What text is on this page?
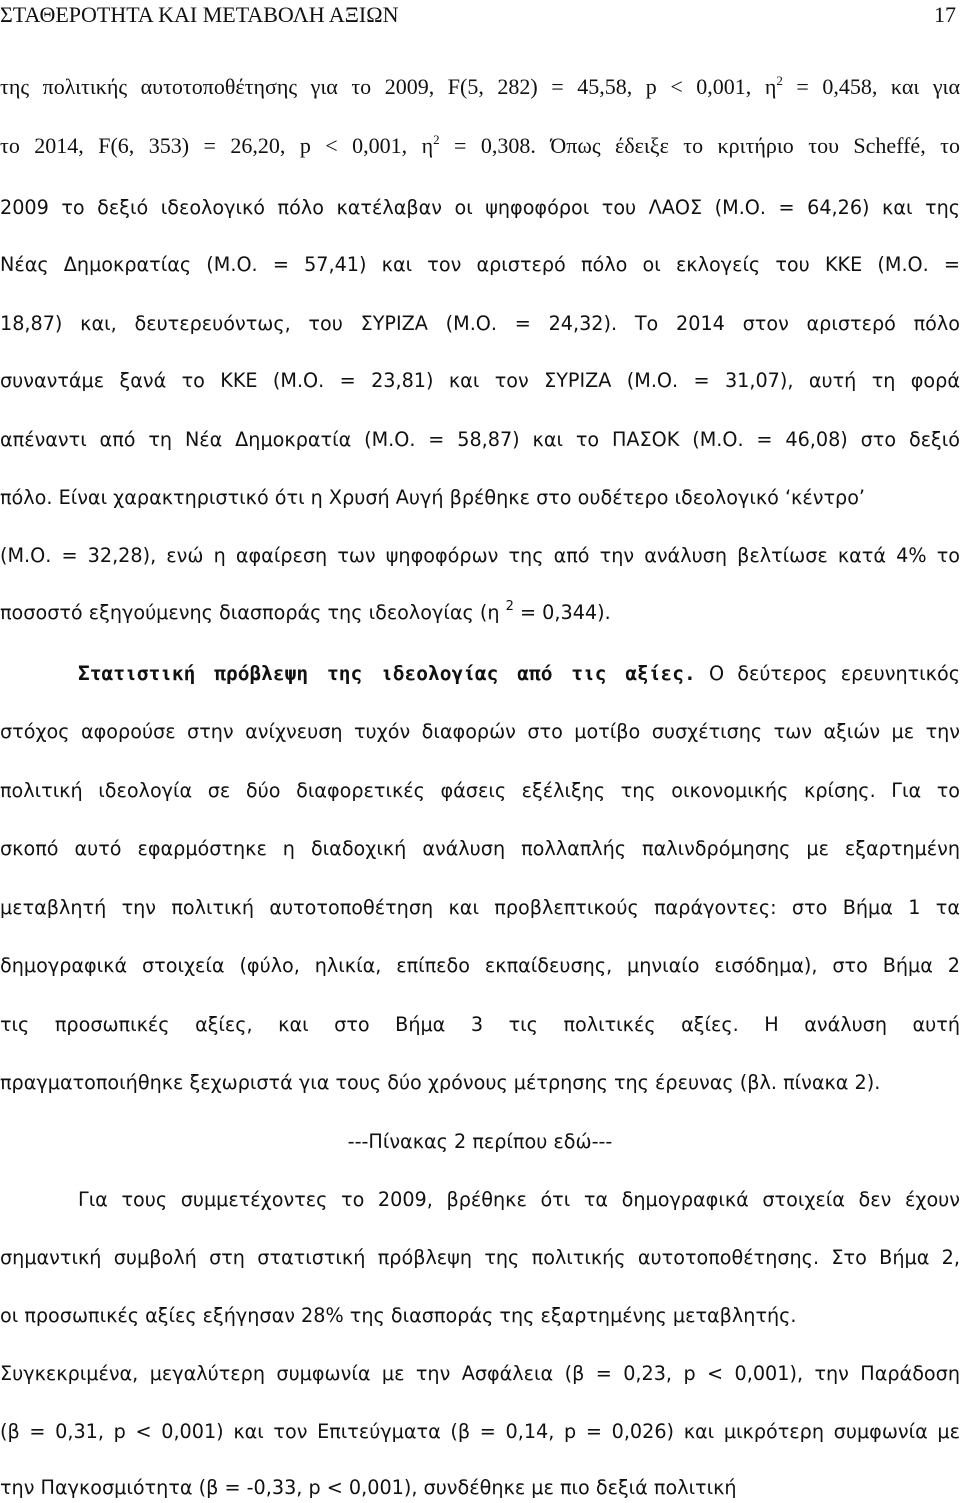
ΣΤΑΘΕΡΟΤΗΤΑ ΚΑΙ ΜΕΤΑΒΟΛΗ ΑΞΙΩΝ	17
της πολιτικής αυτοτοποθέτησης για το 2009, F(5, 282) = 45,58, p < 0,001, $\eta^2 = 0,458$, και για
το 2014, F(6, 353) = 26,20, p < 0,001, $\eta^2 = 0,308$. Όπως έδειξε το κριτήριο του Scheffé, το
2009 το δεξιό ιδεολογικό πόλο κατέλαβαν οι ψηφοφόροι του ΛΑΟΣ (Μ.Ο. = 64,26) και της
Νέας Δημοκρατίας (Μ.Ο. = 57,41) και τον αριστερό πόλο οι εκλογείς του ΚΚΕ (Μ.Ο. =
18,87) και, δευτερευόντως, του ΣΥΡΙΖΑ (Μ.Ο. = 24,32). Το 2014 στον αριστερό πόλο
συναντάμε ξανά το ΚΚΕ (Μ.Ο. = 23,81) και τον ΣΥΡΙΖΑ (Μ.Ο. = 31,07), αυτή τη φορά
απέναντι από τη Νέα Δημοκρατία (Μ.Ο. = 58,87) και το ΠΑΣΟΚ (Μ.Ο. = 46,08) στο δεξιό
πόλο. Είναι χαρακτηριστικό ότι η Χρυσή Αυγή βρέθηκε στο ουδέτερο ιδεολογικό ‘κέντρο’
(Μ.Ο. = 32,28), ενώ η αφαίρεση των ψηφοφόρων της από την ανάλυση βελτίωσε κατά 4% το
ποσοστό εξηγούμενης διασποράς της ιδεολογίας (η $^2$ = 0,344).
Στατιστική πρόβλεψη της ιδεολογίας από τις αξίες. Ο δεύτερος ερευνητικός
στόχος αφορούσε στην ανίχνευση τυχόν διαφορών στο μοτίβο συσχέτισης των αξιών με την
πολιτική ιδεολογία σε δύο διαφορετικές φάσεις εξέλιξης της οικονομικής κρίσης. Για το
σκοπό αυτό εφαρμόστηκε η διαδοχική ανάλυση πολλαπλής παλινδρόμησης με εξαρτημένη
μεταβλητή την πολιτική αυτοτοποθέτηση και προβλεπτικούς παράγοντες: στο Βήμα 1 τα
δημογραφικά στοιχεία (φύλο, ηλικία, επίπεδο εκπαίδευσης, μηνιαίο εισόδημα), στο Βήμα 2
τις προσωπικές αξίες, και στο Βήμα 3 τις πολιτικές αξίες. Η ανάλυση αυτή
πραγματοποιήθηκε ξεχωριστά για τους δύο χρόνους μέτρησης της έρευνας (βλ. πίνακα 2).
---Πίνακας 2 περίπου εδώ---
Για τους συμμετέχοντες το 2009, βρέθηκε ότι τα δημογραφικά στοιχεία δεν έχουν
σημαντική συμβολή στη στατιστική πρόβλεψη της πολιτικής αυτοτοποθέτησης. Στο Βήμα 2,
οι προσωπικές αξίες εξήγησαν 28% της διασποράς της εξαρτημένης μεταβλητής.
Συγκεκριμένα, μεγαλύτερη συμφωνία με την Ασφάλεια (β = 0,23, p < 0,001), την Παράδοση
(β = 0,31, p < 0,001) και τον Επιτεύγματα (β = 0,14, p = 0,026) και μικρότερη συμφωνία με
την Παγκοσμιότητα (β = -0,33, p < 0,001), συνδέθηκε με πιο δεξιά πολιτική
